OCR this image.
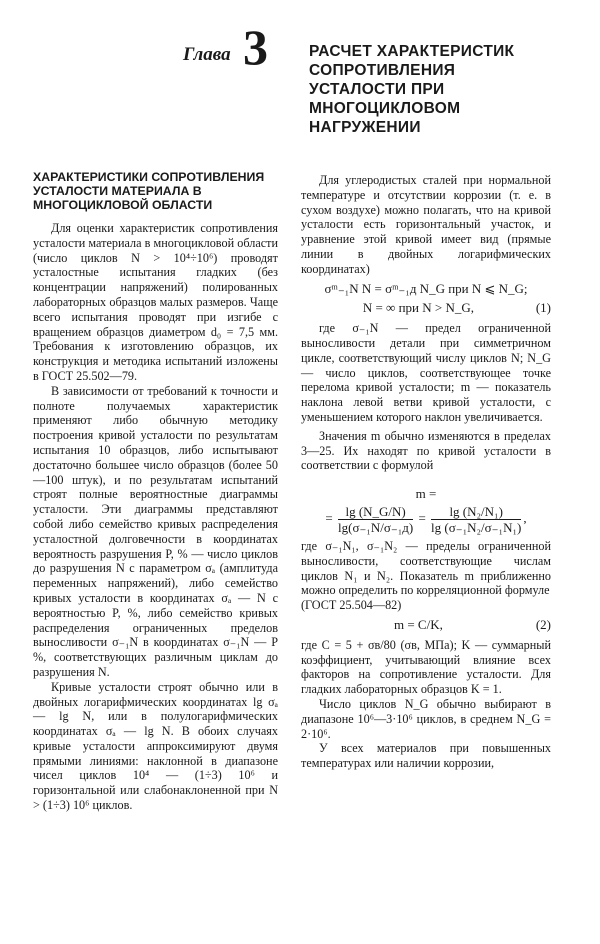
Глава 3	РАСЧЕТ ХАРАКТЕРИСТИК СОПРОТИВЛЕНИЯ УСТАЛОСТИ ПРИ МНОГОЦИКЛОВОМ НАГРУЖЕНИИ
ХАРАКТЕРИСТИКИ СОПРОТИВЛЕНИЯ УСТАЛОСТИ МАТЕРИАЛА В МНОГОЦИКЛОВОЙ ОБЛАСТИ

Для оценки характеристик сопротивления усталости материала в многоцикловой области (число циклов N > 10⁴÷10⁶) проводят усталостные испытания гладких (без концентрации напряжений) полированных лабораторных образцов малых размеров. Чаще всего испытания проводят при изгибе с вращением образцов диаметром d₀ = 7,5 мм. Требования к изготовлению образцов, их конструкция и методика испытаний изложены в ГОСТ 25.502—79.

В зависимости от требований к точности и полноте получаемых характеристик применяют либо обычную методику построения кривой усталости по результатам испытания 10 образцов, либо испытывают достаточно большее число образцов (более 50—100 штук), и по результатам испытаний строят полные вероятностные диаграммы усталости. Эти диаграммы представляют собой либо семейство кривых распределения усталостной долговечности в координатах вероятность разрушения P, % — число циклов до разрушения N с параметром σₐ (амплитуда переменных напряжений), либо семейство кривых усталости в координатах σₐ — N с вероятностью P, %, либо семейство кривых распределения ограниченных пределов выносливости σ₋₁N в координатах σ₋₁N — P %, соответствующих различным циклам до разрушения N.

Кривые усталости строят обычно или в двойных логарифмических координатах lg σₐ — lg N, или в полулогарифмических координатах σₐ — lg N. В обоих случаях кривые усталости аппроксимируют двумя прямыми линиями: наклонной в диапазоне чисел циклов 10⁴ — (1÷3) 10⁶ и горизонтальной или слабонаклоненной при N > (1÷3) 10⁶ циклов.

Для углеродистых сталей при нормальной температуре и отсутствии коррозии (т. е. в сухом воздухе) можно полагать, что на кривой усталости есть горизонтальный участок, и уравнение этой кривой имеет вид (прямые линии в двойных логарифмических координатах)

σᵐ₋₁N N = σᵐ₋₁д N_G при N ⩽ N_G;
N = ∞ при N > N_G,	(1)

где σ₋₁N — предел ограниченной выносливости детали при симметричном цикле, соответствующий числу циклов N; N_G — число циклов, соответствующее точке перелома кривой усталости; m — показатель наклона левой ветви кривой усталости, с уменьшением которого наклон увеличивается.

Значения m обычно изменяются в пределах 3—25. Их находят по кривой усталости в соответствии с формулой

m =
= $\frac{\lg (N\_G/N)}{\text{lg(σ₋₁N/σ₋₁д)}} = \frac{\text{lg (N₂/N₁)}}{\text{lg (σ₋₁N₂/σ₋₁N₁)}}$ ,

где σ₋₁N₁, σ₋₁N₂ — пределы ограниченной выносливости, соответствующие числам циклов N₁ и N₂. Показатель m приближенно можно определить по корреляционной формуле

(ГОСТ 25.504—82)

m = C/K,	(2)

где C = 5 + σв/80 (σв, МПа); K — суммарный коэффициент, учитывающий влияние всех факторов на сопротивление усталости. Для гладких лабораторных образцов K = 1.

Число циклов N_G обычно выбирают в диапазоне 10⁶—3·10⁶ циклов, в среднем N_G = 2·10⁶.

У всех материалов при повышенных температурах или наличии коррозии,
